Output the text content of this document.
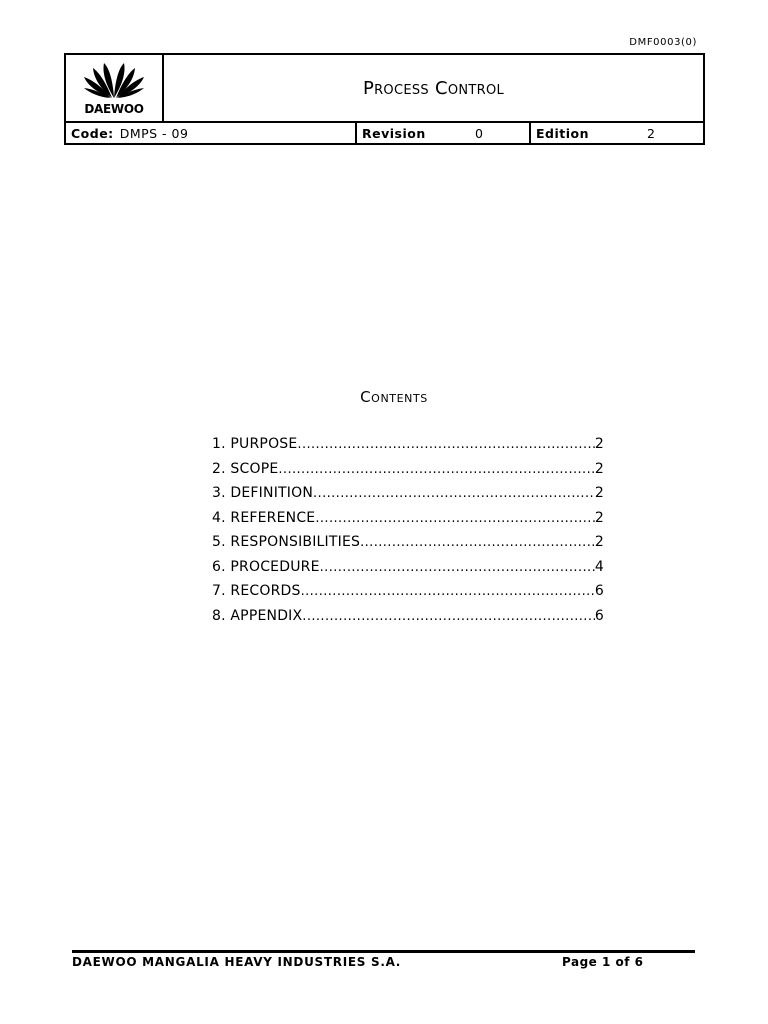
DMF0003(0)
DAEWOO
Process Control
Code: DMPS - 09	Revision	0	Edition	2
Contents
1. PURPOSE .....	2
2. SCOPE .....	2
3. DEFINITION .....	2
4. REFERENCE .....	2
5. RESPONSIBILITIES .....	2
6. PROCEDURE .....	4
7. RECORDS .....	6
8. APPENDIX .....	6
DAEWOO MANGALIA HEAVY INDUSTRIES S.A.	Page 1 of 6
